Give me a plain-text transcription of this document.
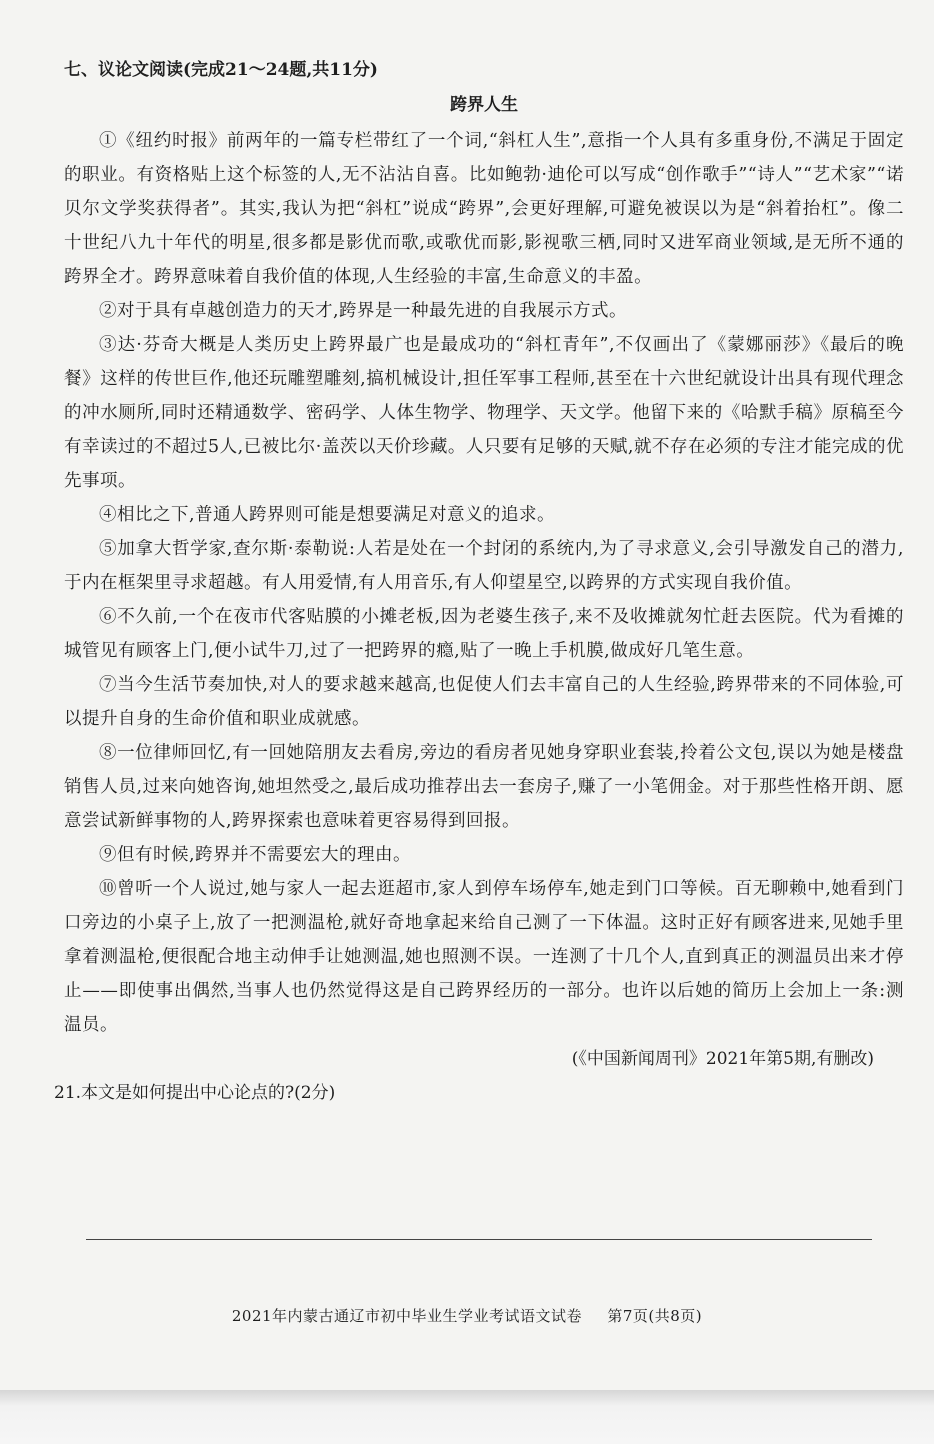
七、议论文阅读(完成21～24题,共11分)
跨界人生

①《纽约时报》前两年的一篇专栏带红了一个词,“斜杠人生”,意指一个人具有多重身份,不满足于固定的职业。有资格贴上这个标签的人,无不沾沾自喜。比如鲍勃·迪伦可以写成“创作歌手”“诗人”“艺术家”“诺贝尔文学奖获得者”。其实,我认为把“斜杠”说成“跨界”,会更好理解,可避免被误以为是“斜着抬杠”。像二十世纪八九十年代的明星,很多都是影优而歌,或歌优而影,影视歌三栖,同时又进军商业领域,是无所不通的跨界全才。跨界意味着自我价值的体现,人生经验的丰富,生命意义的丰盈。

②对于具有卓越创造力的天才,跨界是一种最先进的自我展示方式。

③达·芬奇大概是人类历史上跨界最广也是最成功的“斜杠青年”,不仅画出了《蒙娜丽莎》《最后的晚餐》这样的传世巨作,他还玩雕塑雕刻,搞机械设计,担任军事工程师,甚至在十六世纪就设计出具有现代理念的冲水厕所,同时还精通数学、密码学、人体生物学、物理学、天文学。他留下来的《哈默手稿》原稿至今有幸读过的不超过5人,已被比尔·盖茨以天价珍藏。人只要有足够的天赋,就不存在必须的专注才能完成的优先事项。

④相比之下,普通人跨界则可能是想要满足对意义的追求。

⑤加拿大哲学家,查尔斯·泰勒说:人若是处在一个封闭的系统内,为了寻求意义,会引导激发自己的潜力,于内在框架里寻求超越。有人用爱情,有人用音乐,有人仰望星空,以跨界的方式实现自我价值。

⑥不久前,一个在夜市代客贴膜的小摊老板,因为老婆生孩子,来不及收摊就匆忙赶去医院。代为看摊的城管见有顾客上门,便小试牛刀,过了一把跨界的瘾,贴了一晚上手机膜,做成好几笔生意。

⑦当今生活节奏加快,对人的要求越来越高,也促使人们去丰富自己的人生经验,跨界带来的不同体验,可以提升自身的生命价值和职业成就感。

⑧一位律师回忆,有一回她陪朋友去看房,旁边的看房者见她身穿职业套装,拎着公文包,误以为她是楼盘销售人员,过来向她咨询,她坦然受之,最后成功推荐出去一套房子,赚了一小笔佣金。对于那些性格开朗、愿意尝试新鲜事物的人,跨界探索也意味着更容易得到回报。

⑨但有时候,跨界并不需要宏大的理由。

⑩曾听一个人说过,她与家人一起去逛超市,家人到停车场停车,她走到门口等候。百无聊赖中,她看到门口旁边的小桌子上,放了一把测温枪,就好奇地拿起来给自己测了一下体温。这时正好有顾客进来,见她手里拿着测温枪,便很配合地主动伸手让她测温,她也照测不误。一连测了十几个人,直到真正的测温员出来才停止——即使事出偶然,当事人也仍然觉得这是自己跨界经历的一部分。也许以后她的简历上会加上一条:测温员。

(《中国新闻周刊》2021年第5期,有删改)
21.本文是如何提出中心论点的?(2分)
2021年内蒙古通辽市初中毕业生学业考试语文试卷 第7页(共8页)
